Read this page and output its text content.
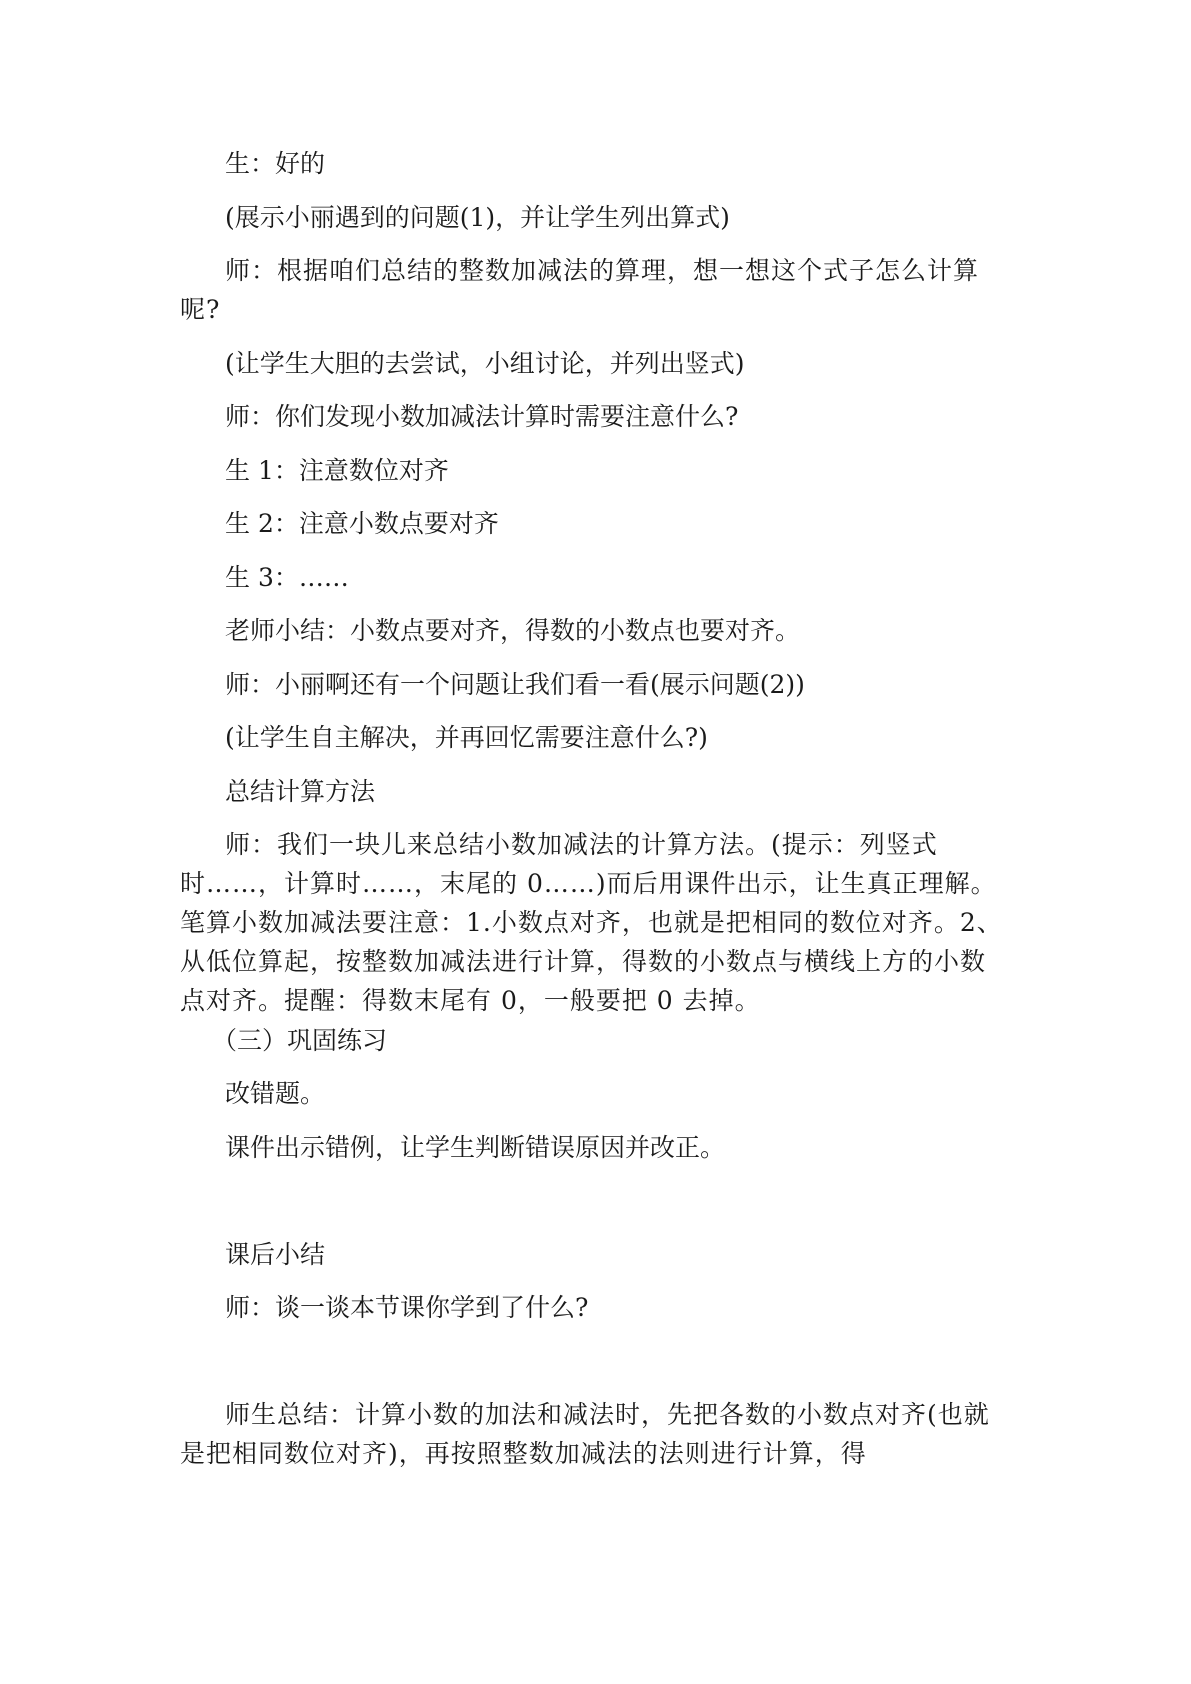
生：好的
(展示小丽遇到的问题(1)，并让学生列出算式)
师：根据咱们总结的整数加减法的算理，想一想这个式子怎么计算呢?
(让学生大胆的去尝试，小组讨论，并列出竖式)
师：你们发现小数加减法计算时需要注意什么?
生 1：注意数位对齐
生 2：注意小数点要对齐
生 3：……
老师小结：小数点要对齐，得数的小数点也要对齐。
师：小丽啊还有一个问题让我们看一看(展示问题(2))
(让学生自主解决，并再回忆需要注意什么?)
总结计算方法
师：我们一块儿来总结小数加减法的计算方法。(提示：列竖式时……，计算时……，末尾的 0……)而后用课件出示，让生真正理解。笔算小数加减法要注意：1.小数点对齐，也就是把相同的数位对齐。2、从低位算起，按整数加减法进行计算，得数的小数点与横线上方的小数点对齐。提醒：得数末尾有 0，一般要把 0 去掉。
（三）巩固练习
改错题。
课件出示错例，让学生判断错误原因并改正。
课后小结
师：谈一谈本节课你学到了什么?
师生总结：计算小数的加法和减法时，先把各数的小数点对齐(也就是把相同数位对齐)，再按照整数加减法的法则进行计算，得
